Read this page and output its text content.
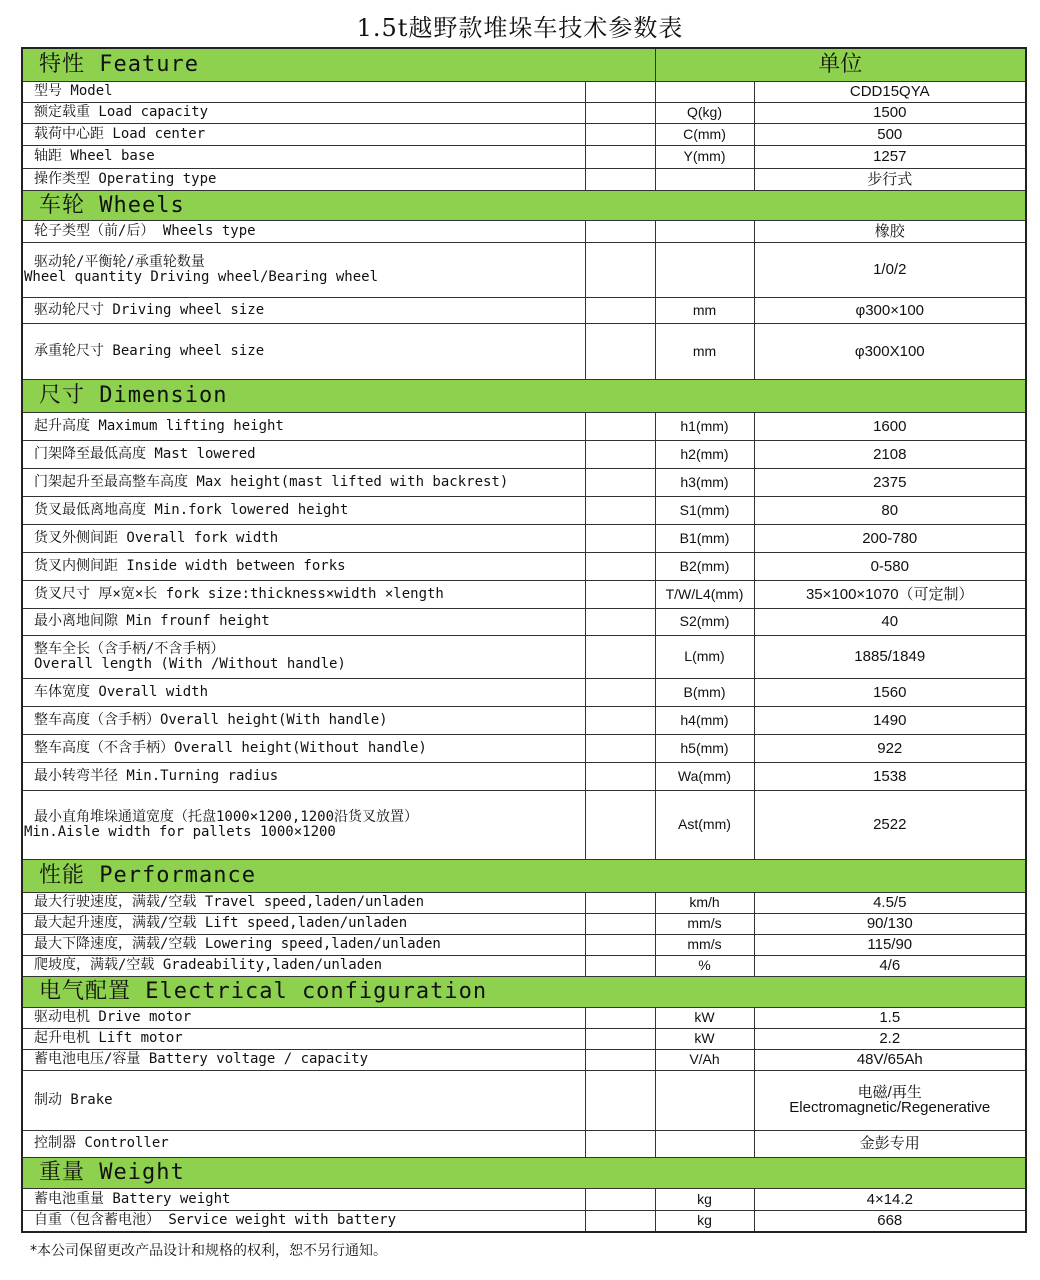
1.5t越野款堆垛车技术参数表
特性 Feature		单位	
型号 Model			CDD15QYA
额定载重 Load capacity		Q(kg)	1500
载荷中心距 Load center		C(mm)	500
轴距 Wheel base		Y(mm)	1257
操作类型 Operating type			步行式
车轮 Wheels			
轮子类型（前/后） Wheels type			橡胶

驱动轮/平衡轮/承重轮数量
Wheel quantity Driving wheel/Bearing wheel			1/0/2
驱动轮尺寸 Driving wheel size		mm	φ300×100
承重轮尺寸 Bearing wheel size		mm	φ300X100
尺寸 Dimension			
起升高度 Maximum lifting height		h1(mm)	1600
门架降至最低高度 Mast lowered		h2(mm)	2108
门架起升至最高整车高度 Max height(mast lifted with backrest)		h3(mm)	2375
货叉最低离地高度 Min.fork lowered height		S1(mm)	80
货叉外侧间距 Overall fork width		B1(mm)	200-780
货叉内侧间距 Inside width between forks		B2(mm)	0-580
货叉尺寸 厚×宽×长 fork size:thickness×width ×length		T/W/L4(mm)	35×100×1070（可定制）
最小离地间隙 Min frounf height		S2(mm)	40

整车全长（含手柄/不含手柄）
Overall length (With /Without handle)		L(mm)	1885/1849
车体宽度 Overall width		B(mm)	1560
整车高度（含手柄）Overall height(With handle)		h4(mm)	1490
整车高度（不含手柄）Overall height(Without handle)		h5(mm)	922
最小转弯半径 Min.Turning radius		Wa(mm)	1538

最小直角堆垛通道宽度（托盘1000×1200,1200沿货叉放置）
Min.Aisle width for pallets 1000×1200		Ast(mm)	2522
性能 Performance			
最大行驶速度，满载/空载 Travel speed,laden/unladen		km/h	4.5/5
最大起升速度，满载/空载 Lift speed,laden/unladen		mm/s	90/130
最大下降速度，满载/空载 Lowering speed,laden/unladen		mm/s	115/90
爬坡度，满载/空载 Gradeability,laden/unladen		%	4/6
电气配置 Electrical configuration			
驱动电机 Drive motor		kW	1.5
起升电机 Lift motor		kW	2.2
蓄电池电压/容量 Battery voltage / capacity		V/Ah	48V/65Ah
制动 Brake			电磁/再生
Electromagnetic/Regenerative
控制器 Controller			金彭专用
重量 Weight			
蓄电池重量 Battery weight		kg	4×14.2
自重（包含蓄电池） Service weight with battery		kg	668
*本公司保留更改产品设计和规格的权利，恕不另行通知。
